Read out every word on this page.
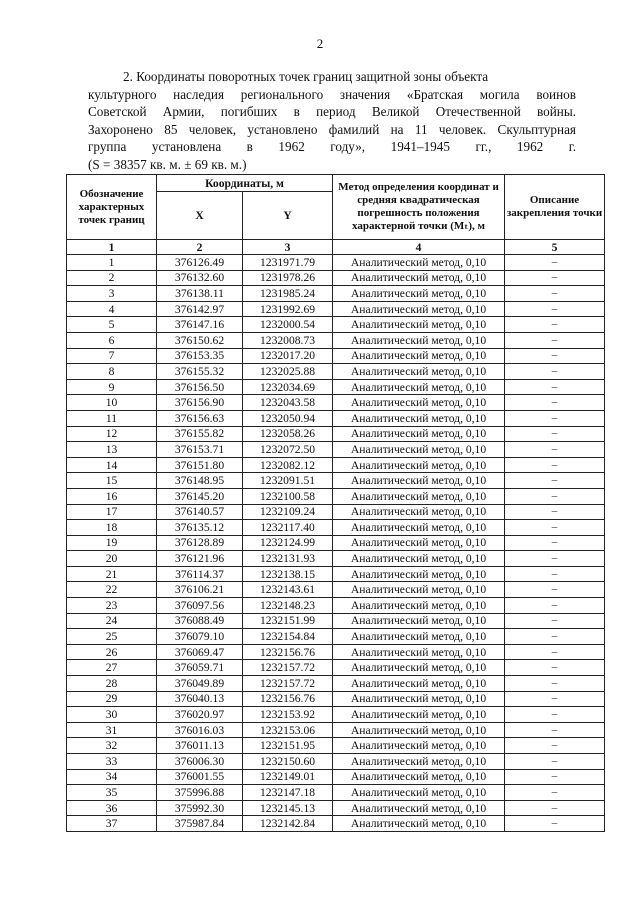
2
2. Координаты поворотных точек границ защитной зоны объекта
культурного наследия регионального значения «Братская могила воинов
Советской Армии, погибших в период Великой Отечественной войны.
Захоронено 85 человек, установлено фамилий на 11 человек. Скульптурная
группа установлена в 1962 году», 1941–1945 гг., 1962 г.
(S = 38357 кв. м. ± 69 кв. м.)
Обозначение характерных точек границ	Координаты, м		Метод определения координат и средняя квадратическая погрешность положения характерной точки (Mₜ), м	Описание закрепления точки
	X	Y		
1	2	3	4	5
1	376126.49	1231971.79	Аналитический метод, 0,10	–
2	376132.60	1231978.26	Аналитический метод, 0,10	–
3	376138.11	1231985.24	Аналитический метод, 0,10	–
4	376142.97	1231992.69	Аналитический метод, 0,10	–
5	376147.16	1232000.54	Аналитический метод, 0,10	–
6	376150.62	1232008.73	Аналитический метод, 0,10	–
7	376153.35	1232017.20	Аналитический метод, 0,10	–
8	376155.32	1232025.88	Аналитический метод, 0,10	–
9	376156.50	1232034.69	Аналитический метод, 0,10	–
10	376156.90	1232043.58	Аналитический метод, 0,10	–
11	376156.63	1232050.94	Аналитический метод, 0,10	–
12	376155.82	1232058.26	Аналитический метод, 0,10	–
13	376153.71	1232072.50	Аналитический метод, 0,10	–
14	376151.80	1232082.12	Аналитический метод, 0,10	–
15	376148.95	1232091.51	Аналитический метод, 0,10	–
16	376145.20	1232100.58	Аналитический метод, 0,10	–
17	376140.57	1232109.24	Аналитический метод, 0,10	–
18	376135.12	1232117.40	Аналитический метод, 0,10	–
19	376128.89	1232124.99	Аналитический метод, 0,10	–
20	376121.96	1232131.93	Аналитический метод, 0,10	–
21	376114.37	1232138.15	Аналитический метод, 0,10	–
22	376106.21	1232143.61	Аналитический метод, 0,10	–
23	376097.56	1232148.23	Аналитический метод, 0,10	–
24	376088.49	1232151.99	Аналитический метод, 0,10	–
25	376079.10	1232154.84	Аналитический метод, 0,10	–
26	376069.47	1232156.76	Аналитический метод, 0,10	–
27	376059.71	1232157.72	Аналитический метод, 0,10	–
28	376049.89	1232157.72	Аналитический метод, 0,10	–
29	376040.13	1232156.76	Аналитический метод, 0,10	–
30	376020.97	1232153.92	Аналитический метод, 0,10	–
31	376016.03	1232153.06	Аналитический метод, 0,10	–
32	376011.13	1232151.95	Аналитический метод, 0,10	–
33	376006.30	1232150.60	Аналитический метод, 0,10	–
34	376001.55	1232149.01	Аналитический метод, 0,10	–
35	375996.88	1232147.18	Аналитический метод, 0,10	–
36	375992.30	1232145.13	Аналитический метод, 0,10	–
37	375987.84	1232142.84	Аналитический метод, 0,10	–
